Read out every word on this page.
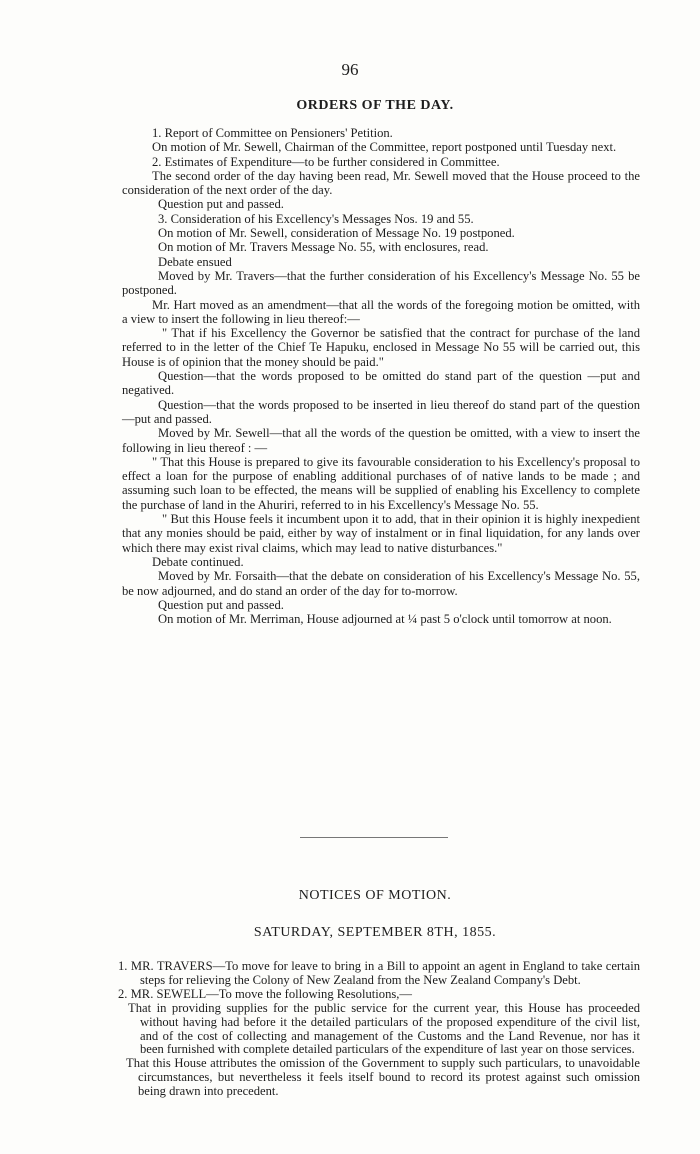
96
ORDERS OF THE DAY.

1. Report of Committee on Pensioners' Petition.

On motion of Mr. Sewell, Chairman of the Committee, report postponed until Tuesday next.

2. Estimates of Expenditure—to be further considered in Committee.

The second order of the day having been read, Mr. Sewell moved that the House proceed to the consideration of the next order of the day.

Question put and passed.

3. Consideration of his Excellency's Messages Nos. 19 and 55.

On motion of Mr. Sewell, consideration of Message No. 19 postponed.

On motion of Mr. Travers Message No. 55, with enclosures, read.

Debate ensued

Moved by Mr. Travers—that the further consideration of his Excellency's Message No. 55 be postponed.

Mr. Hart moved as an amendment—that all the words of the foregoing motion be omitted, with a view to insert the following in lieu thereof:—

" That if his Excellency the Governor be satisfied that the contract for purchase of the land referred to in the letter of the Chief Te Hapuku, enclosed in Message No 55 will be carried out, this House is of opinion that the money should be paid."

Question—that the words proposed to be omitted do stand part of the question —put and negatived.

Question—that the words proposed to be inserted in lieu thereof do stand part of the question—put and passed.

Moved by Mr. Sewell—that all the words of the question be omitted, with a view to insert the following in lieu thereof : —

" That this House is prepared to give its favourable consideration to his Excellency's proposal to effect a loan for the purpose of enabling additional purchases of of native lands to be made ; and assuming such loan to be effected, the means will be supplied of enabling his Excellency to complete the purchase of land in the Ahuriri, referred to in his Excellency's Message No. 55.

" But this House feels it incumbent upon it to add, that in their opinion it is highly inexpedient that any monies should be paid, either by way of instalment or in final liquidation, for any lands over which there may exist rival claims, which may lead to native disturbances."

Debate continued.

Moved by Mr. Forsaith—that the debate on consideration of his Excellency's Message No. 55, be now adjourned, and do stand an order of the day for to-morrow.

Question put and passed.

On motion of Mr. Merriman, House adjourned at ¼ past 5 o'clock until tomorrow at noon.

NOTICES OF MOTION.
SATURDAY, SEPTEMBER 8TH, 1855.

1. MR. TRAVERS—To move for leave to bring in a Bill to appoint an agent in England to take certain steps for relieving the Colony of New Zealand from the New Zealand Company's Debt.

2. MR. SEWELL—To move the following Resolutions,—

That in providing supplies for the public service for the current year, this House has proceeded without having had before it the detailed particulars of the proposed expenditure of the civil list, and of the cost of collecting and management of the Customs and the Land Revenue, nor has it been furnished with complete detailed particulars of the expenditure of last year on those services.

That this House attributes the omission of the Government to supply such particulars, to unavoidable circumstances, but nevertheless it feels itself bound to record its protest against such omission being drawn into precedent.
